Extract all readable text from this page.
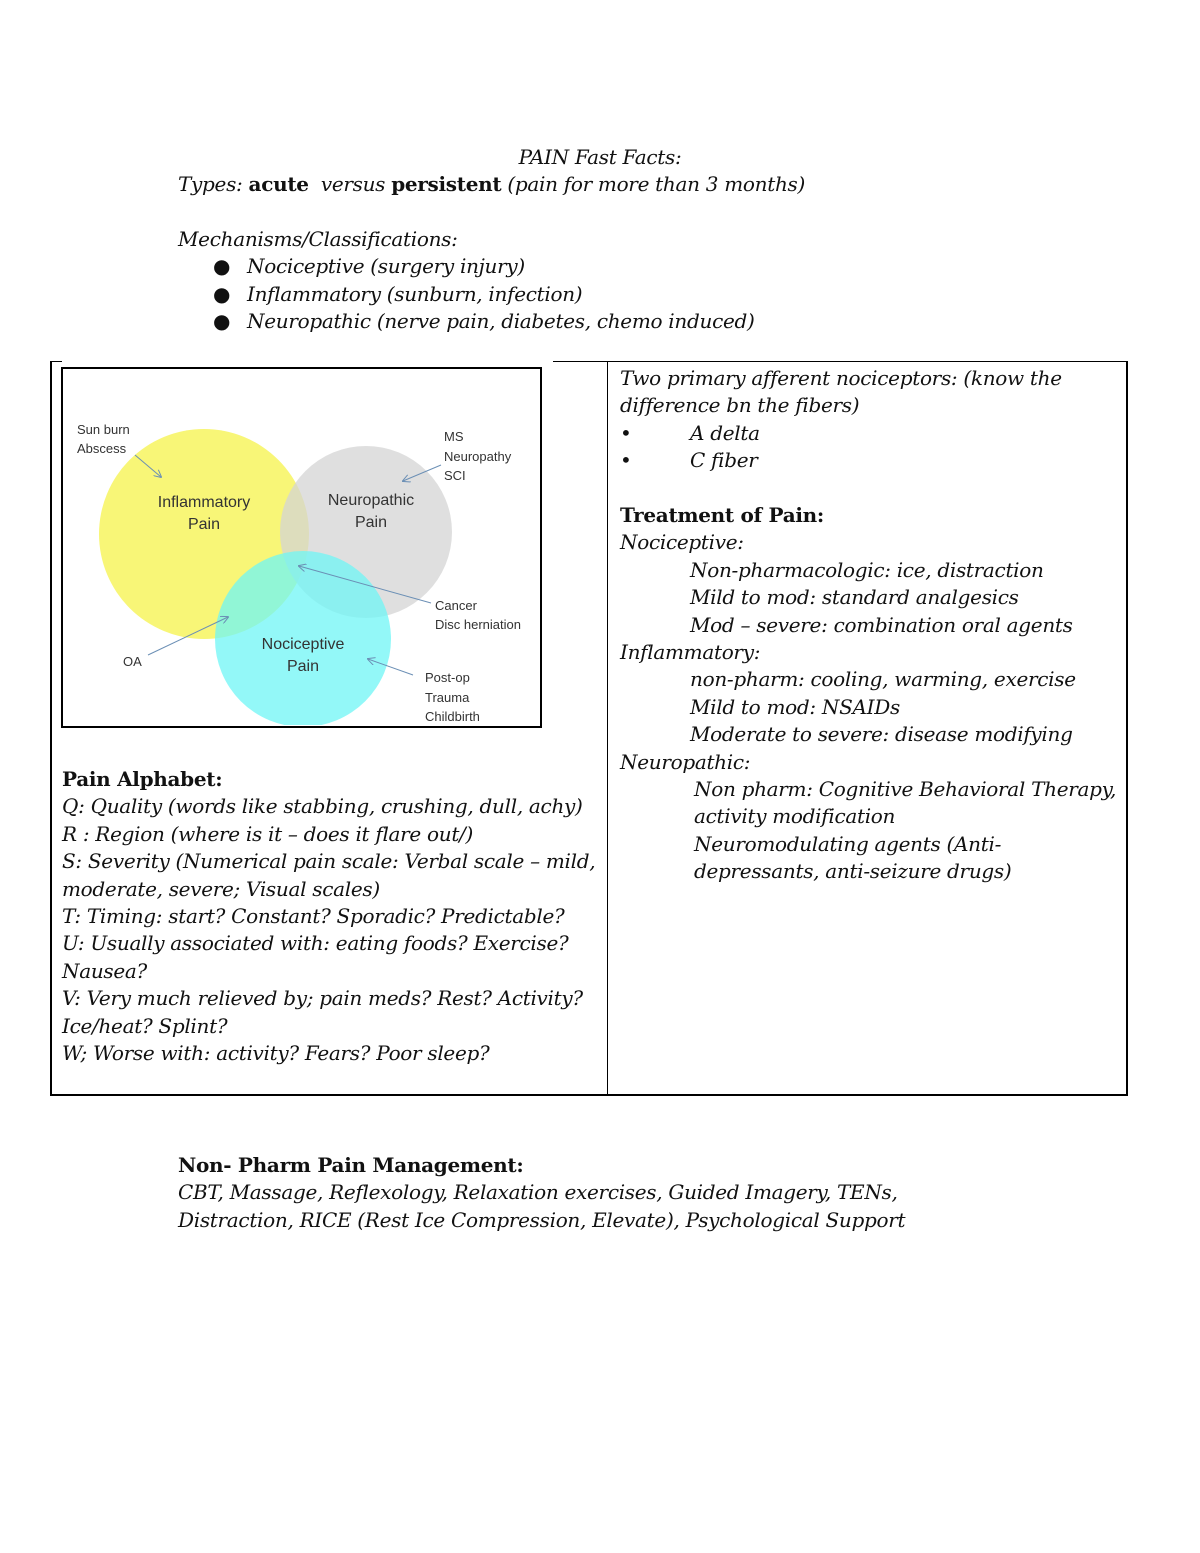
PAIN Fast Facts:
Types: acute versus persistent (pain for more than 3 months)
Mechanisms/Classifications:
● Nociceptive (surgery injury)
● Inflammatory (sunburn, infection)
● Neuropathic (nerve pain, diabetes, chemo induced)
Inflammatory
Pain
Neuropathic
Pain
Nociceptive
Pain
Sun burn
Abscess
MS
Neuropathy
SCI
Cancer
Disc herniation
OA
Post-op
Trauma
Childbirth
Pain Alphabet:
Q: Quality (words like stabbing, crushing, dull, achy)
R : Region (where is it – does it flare out/)
S: Severity (Numerical pain scale: Verbal scale – mild, moderate, severe; Visual scales)
T: Timing: start? Constant? Sporadic? Predictable?
U: Usually associated with: eating foods? Exercise? Nausea?
V: Very much relieved by; pain meds? Rest? Activity? Ice/heat? Splint?
W; Worse with: activity? Fears? Poor sleep?
Two primary afferent nociceptors: (know the difference bn the fibers)
• A delta
• C fiber
Treatment of Pain:
Nociceptive:
Non-pharmacologic: ice, distraction
Mild to mod: standard analgesics
Mod – severe: combination oral agents
Inflammatory:
non-pharm: cooling, warming, exercise
Mild to mod: NSAIDs
Moderate to severe: disease modifying
Neuropathic:
Non pharm: Cognitive Behavioral Therapy, activity modification
Neuromodulating agents (Anti-depressants, anti-seizure drugs)
Non- Pharm Pain Management:
CBT, Massage, Reflexology, Relaxation exercises, Guided Imagery, TENs, Distraction, RICE (Rest Ice Compression, Elevate), Psychological Support
